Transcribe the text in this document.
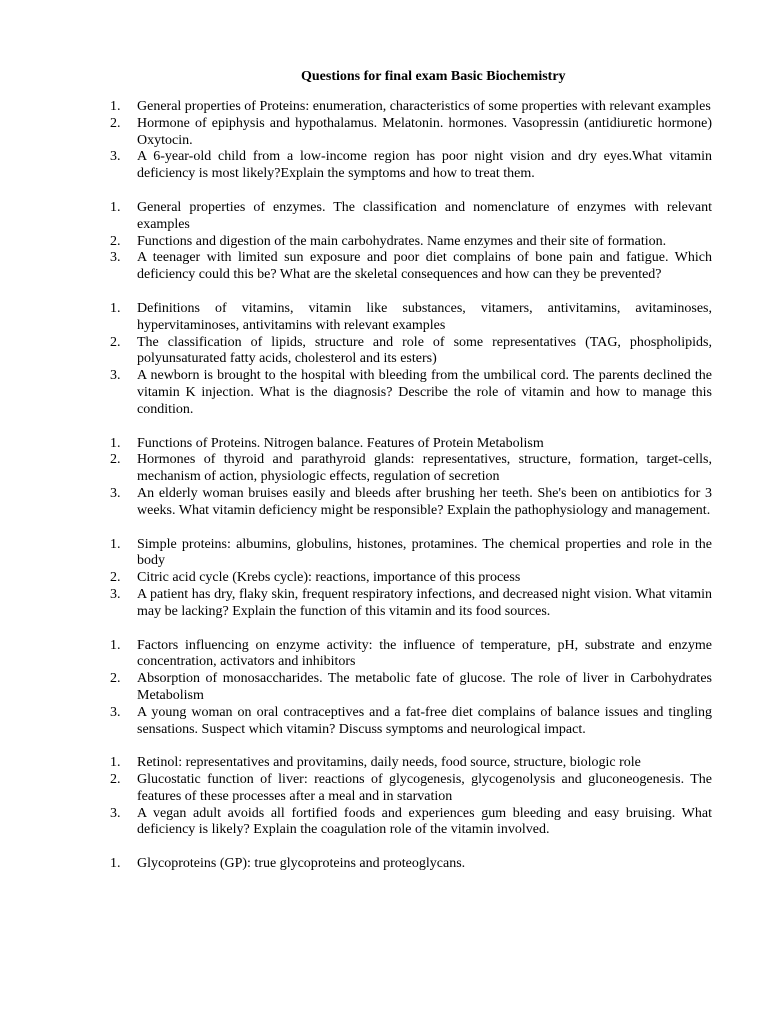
Questions for final exam Basic Biochemistry
1.	General properties of Proteins: enumeration, characteristics of some properties with relevant examples
2.	Hormone of epiphysis and hypothalamus. Melatonin. hormones. Vasopressin (antidiuretic hormone) Oxytocin.
3.	A 6-year-old child from a low-income region has poor night vision and dry eyes.What vitamin deficiency is most likely?Explain the symptoms and how to treat them.
1.	General properties of enzymes. The classification and nomenclature of enzymes with relevant examples
2.	Functions and digestion of the main carbohydrates. Name enzymes and their site of formation.
3.	A teenager with limited sun exposure and poor diet complains of bone pain and fatigue. Which deficiency could this be? What are the skeletal consequences and how can they be prevented?
1.	Definitions of vitamins, vitamin like substances, vitamers, antivitamins, avitaminoses, hypervitaminoses, antivitamins with relevant examples
2.	The classification of lipids, structure and role of some representatives (TAG, phospholipids, polyunsaturated fatty acids, cholesterol and its esters)
3.	A newborn is brought to the hospital with bleeding from the umbilical cord. The parents declined the vitamin K injection. What is the diagnosis? Describe the role of vitamin and how to manage this condition.
1.	Functions of Proteins. Nitrogen balance. Features of Protein Metabolism
2.	Hormones of thyroid and parathyroid glands: representatives, structure, formation, target-cells, mechanism of action, physiologic effects, regulation of secretion
3.	An elderly woman bruises easily and bleeds after brushing her teeth. She's been on antibiotics for 3 weeks. What vitamin deficiency might be responsible? Explain the pathophysiology and management.
1.	Simple proteins: albumins, globulins, histones, protamines. The chemical properties and role in the body
2.	Citric acid cycle (Krebs cycle): reactions, importance of this process
3.	A patient has dry, flaky skin, frequent respiratory infections, and decreased night vision. What vitamin may be lacking? Explain the function of this vitamin and its food sources.
1.	Factors influencing on enzyme activity: the influence of temperature, pH, substrate and enzyme concentration, activators and inhibitors
2.	Absorption of monosaccharides. The metabolic fate of glucose. The role of liver in Carbohydrates Metabolism
3.	A young woman on oral contraceptives and a fat-free diet complains of balance issues and tingling sensations. Suspect which vitamin? Discuss symptoms and neurological impact.
1.	Retinol: representatives and provitamins, daily needs, food source, structure, biologic role
2.	Glucostatic function of liver: reactions of glycogenesis, glycogenolysis and gluconeogenesis. The features of these processes after a meal and in starvation
3.	A vegan adult avoids all fortified foods and experiences gum bleeding and easy bruising. What deficiency is likely? Explain the coagulation role of the vitamin involved.
1.	Glycoproteins (GP): true glycoproteins and proteoglycans.
